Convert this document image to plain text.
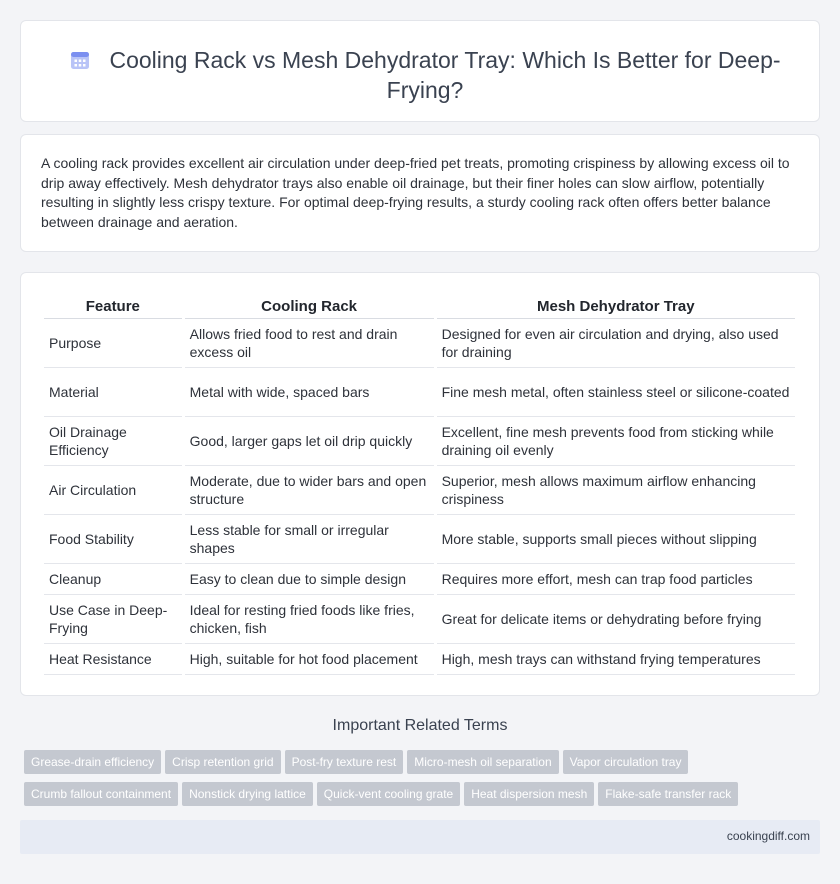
Cooling Rack vs Mesh Dehydrator Tray: Which Is Better for Deep-Frying?

A cooling rack provides excellent air circulation under deep-fried pet treats, promoting crispiness by allowing excess oil to drip away effectively. Mesh dehydrator trays also enable oil drainage, but their finer holes can slow airflow, potentially resulting in slightly less crispy texture. For optimal deep-frying results, a sturdy cooling rack often offers better balance between drainage and aeration.

Feature	Cooling Rack	Mesh Dehydrator Tray
Purpose	Allows fried food to rest and drain excess oil	Designed for even air circulation and drying, also used for draining
Material	Metal with wide, spaced bars	Fine mesh metal, often stainless steel or silicone-coated
Oil Drainage Efficiency	Good, larger gaps let oil drip quickly	Excellent, fine mesh prevents food from sticking while draining oil evenly
Air Circulation	Moderate, due to wider bars and open structure	Superior, mesh allows maximum airflow enhancing crispiness
Food Stability	Less stable for small or irregular shapes	More stable, supports small pieces without slipping
Cleanup	Easy to clean due to simple design	Requires more effort, mesh can trap food particles
Use Case in Deep-Frying	Ideal for resting fried foods like fries, chicken, fish	Great for delicate items or dehydrating before frying
Heat Resistance	High, suitable for hot food placement	High, mesh trays can withstand frying temperatures
Important Related Terms
Grease-drain efficiency Crisp retention grid Post-fry texture rest Micro-mesh oil separation Vapor circulation tray
Crumb fallout containment Nonstick drying lattice Quick-vent cooling grate Heat dispersion mesh Flake-safe transfer rack
cookingdiff.com
